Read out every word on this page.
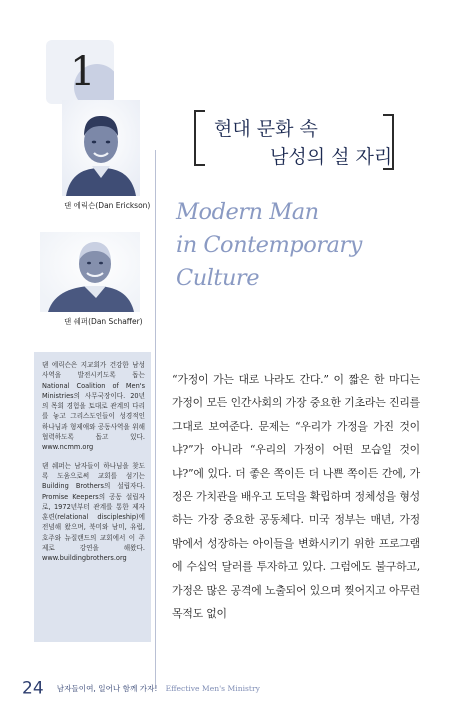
1
현대 문화 속
남성의 설 자리
댄 에릭슨(Dan Erickson)
댄 쉐퍼(Dan Schaffer)
Modern Man
in Contemporary
Culture

댄 에릭슨은 지교회가 건강한 남성 사역을 발전시키도록 돕는 National Coalition of Men's Ministries의 사무국장이다. 20년의 목회 경험을 토대로 관계의 다리를 놓고 그리스도인들이 성경적인 하나님과 형제애와 공동사역을 위해 협력하도록 돕고 있다. www.ncmm.org

댄 쉐퍼는 남자들이 하나님을 찾도록 도움으로써 교회를 섬기는 Building Brothers의 설립자다. Promise Keepers의 공동 설립자로, 1972년부터 관계를 통한 제자 훈련(relational discipleship)에 전념해 왔으며, 북미와 남미, 유럽, 호주와 뉴질랜드의 교회에서 이 주제로 강연을 해왔다. www.buildingbrothers.org

“가정이 가는 대로 나라도 간다.” 이 짧은 한 마디는 가정이 모든 인간사회의 가장 중요한 기초라는 진리를 그대로 보여준다. 문제는 “우리가 가정을 가진 것이냐?”가 아니라 “우리의 가정이 어떤 모습일 것이냐?”에 있다. 더 좋은 쪽이든 더 나쁜 쪽이든 간에, 가정은 가치관을 배우고 도덕을 확립하며 정체성을 형성하는 가장 중요한 공동체다. 미국 정부는 매년, 가정 밖에서 성장하는 아이들을 변화시키기 위한 프로그램에 수십억 달러를 투자하고 있다. 그럼에도 불구하고, 가정은 많은 공격에 노출되어 있으며 찢어지고 아무런 목적도 없이
24 남자들이여, 일어나 함께 가자! Effective Men's Ministry
